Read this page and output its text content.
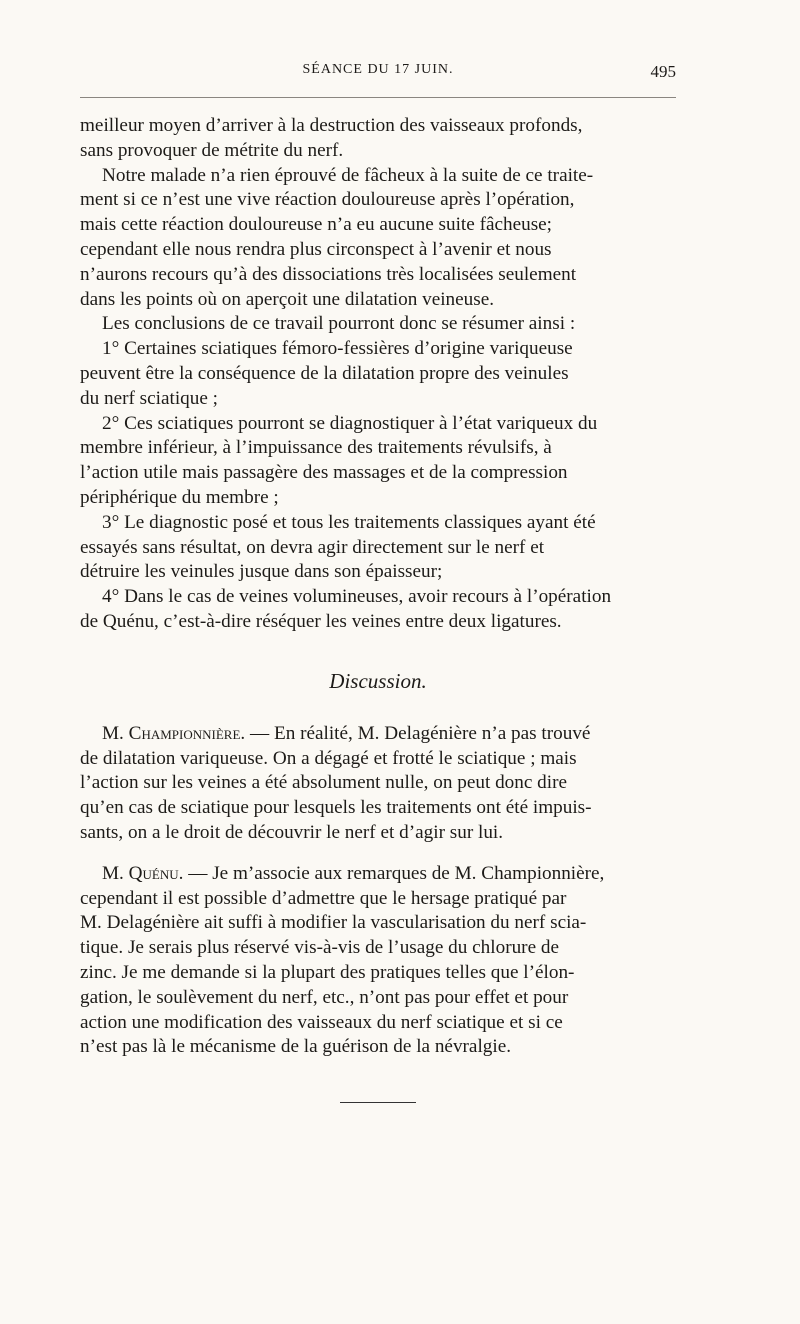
SÉANCE DU 17 JUIN.	495

meilleur moyen d’arriver à la destruction des vaisseaux profonds,

sans provoquer de métrite du nerf.

Notre malade n’a rien éprouvé de fâcheux à la suite de ce traite-

ment si ce n’est une vive réaction douloureuse après l’opération,

mais cette réaction douloureuse n’a eu aucune suite fâcheuse;

cependant elle nous rendra plus circonspect à l’avenir et nous

n’aurons recours qu’à des dissociations très localisées seulement

dans les points où on aperçoit une dilatation veineuse.

Les conclusions de ce travail pourront donc se résumer ainsi :

1° Certaines sciatiques fémoro-fessières d’origine variqueuse

peuvent être la conséquence de la dilatation propre des veinules

du nerf sciatique ;

2° Ces sciatiques pourront se diagnostiquer à l’état variqueux du

membre inférieur, à l’impuissance des traitements révulsifs, à

l’action utile mais passagère des massages et de la compression

périphérique du membre ;

3° Le diagnostic posé et tous les traitements classiques ayant été

essayés sans résultat, on devra agir directement sur le nerf et

détruire les veinules jusque dans son épaisseur;

4° Dans le cas de veines volumineuses, avoir recours à l’opération

de Quénu, c’est-à-dire réséquer les veines entre deux ligatures.

Discussion.

M. Championnière. — En réalité, M. Delagénière n’a pas trouvé

de dilatation variqueuse. On a dégagé et frotté le sciatique ; mais

l’action sur les veines a été absolument nulle, on peut donc dire

qu’en cas de sciatique pour lesquels les traitements ont été impuis-

sants, on a le droit de découvrir le nerf et d’agir sur lui.

M. Quénu. — Je m’associe aux remarques de M. Championnière,

cependant il est possible d’admettre que le hersage pratiqué par

M. Delagénière ait suffi à modifier la vascularisation du nerf scia-

tique. Je serais plus réservé vis-à-vis de l’usage du chlorure de

zinc. Je me demande si la plupart des pratiques telles que l’élon-

gation, le soulèvement du nerf, etc., n’ont pas pour effet et pour

action une modification des vaisseaux du nerf sciatique et si ce

n’est pas là le mécanisme de la guérison de la névralgie.
